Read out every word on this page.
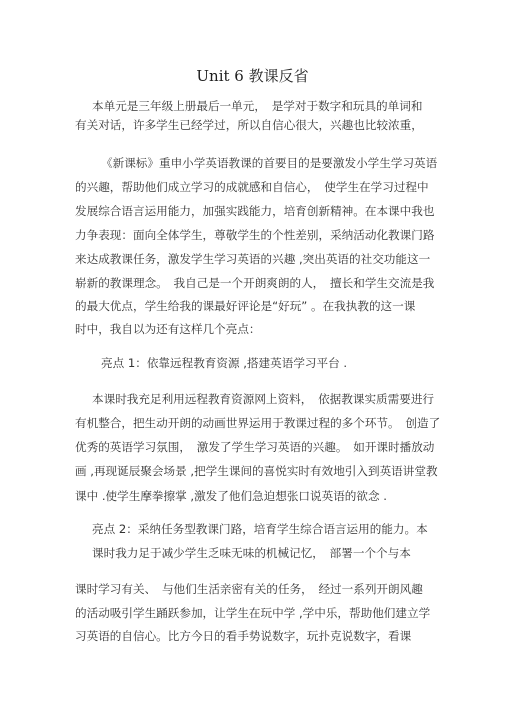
Unit 6 教课反省
本单元是三年级上册最后一单元，　是学对于数字和玩具的单词和
有关对话，许多学生已经学过，所以自信心很大，兴趣也比较浓重，
《新课标》重申小学英语教课的首要目的是要激发小学生学习英语
的兴趣，帮助他们成立学习的成就感和自信心，　使学生在学习过程中
发展综合语言运用能力，加强实践能力，培育创新精神。在本课中我也
力争表现：面向全体学生，尊敬学生的个性差别，采纳活动化教课门路
来达成教课任务，激发学生学习英语的兴趣 ,突出英语的社交功能这一
崭新的教课理念。　我自己是一个开朗爽朗的人，　擅长和学生交流是我
的最大优点，学生给我的课最好评论是“好玩” 。在我执教的这一课
时中，我自以为还有这样几个亮点：
亮点 1：依靠远程教育资源 ,搭建英语学习平台 .
本课时我充足利用远程教育资源网上资料，　依据教课实质需要进行
有机整合，把生动开朗的动画世界运用于教课过程的多个环节。　创造了
优秀的英语学习氛围，　激发了学生学习英语的兴趣。　如开课时播放动
画 ,再现诞辰聚会场景 ,把学生课间的喜悦实时有效地引入到英语讲堂教
课中 .使学生摩拳擦掌 ,激发了他们急迫想张口说英语的欲念 .
亮点 2：采纳任务型教课门路，培育学生综合语言运用的能力。本
课时我力足于减少学生乏味无味的机械记忆，　部署一个个与本
课时学习有关、　与他们生活亲密有关的任务，　经过一系列开朗风趣
的活动吸引学生踊跃参加，让学生在玩中学 ,学中乐，帮助他们建立学
习英语的自信心。比方今日的看手势说数字，玩扑克说数字，看课
